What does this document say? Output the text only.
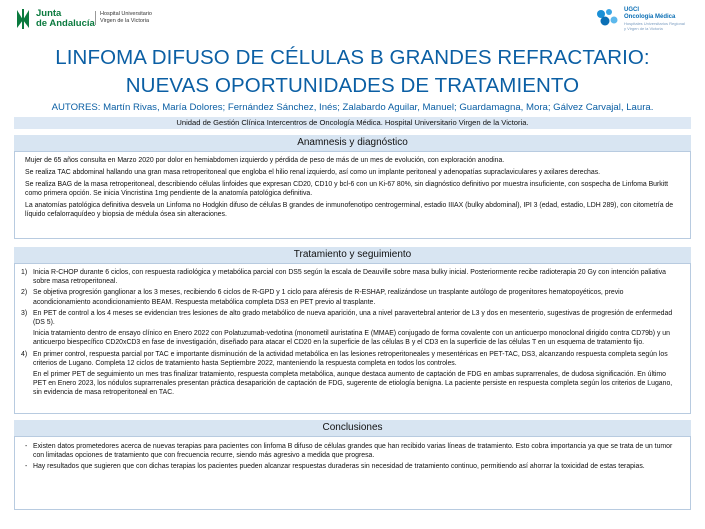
Junta
de Andalucía
Hospital Universitario
Virgen de la Victoria
UGCI
Oncología Médica
Hospitales Universitarios Regional
y Virgen de la Victoria
LINFOMA DIFUSO DE CÉLULAS B GRANDES REFRACTARIO:
NUEVAS OPORTUNIDADES DE TRATAMIENTO
AUTORES: Martín Rivas, María Dolores; Fernández Sánchez, Inés; Zalabardo Aguilar, Manuel; Guardamagna, Mora; Gálvez Carvajal, Laura.
Unidad de Gestión Clínica Intercentros de Oncología Médica. Hospital Universitario Virgen de la Victoria.
Anamnesis y diagnóstico

Mujer de 65 años consulta en Marzo 2020 por dolor en hemiabdomen izquierdo y pérdida de peso de más de un mes de evolución, con exploración anodina.

Se realiza TAC abdominal hallando una gran masa retroperitoneal que engloba el hilio renal izquierdo, así como un implante peritoneal y adenopatías supraclaviculares y axilares derechas.

Se realiza BAG de la masa retroperitoneal, describiendo células linfoides que expresan CD20, CD10 y bcl-6 con un Ki-67 80%, sin diagnóstico definitivo por muestra insuficiente, con sospecha de Linfoma Burkitt como primera opción. Se inicia Vincristina 1mg pendiente de la anatomía patológica definitiva.

La anatomías patológica definitiva desvela un Linfoma no Hodgkin difuso de células B grandes de inmunofenotipo centrogerminal, estadio IIIAX (bulky abdominal), IPI 3 (edad, estadio, LDH 289), con citometría de líquido cefalorraquídeo y biopsia de médula ósea sin alteraciones.

Tratamiento y seguimiento
1) Inicia R-CHOP durante 6 ciclos, con respuesta radiológica y metabólica parcial con DS5 según la escala de Deauville sobre masa bulky inicial. Posteriormente recibe radioterapia 20 Gy con intención paliativa sobre masa retroperitoneal.
2) Se objetiva progresión ganglionar a los 3 meses, recibiendo 6 ciclos de R-GPD y 1 ciclo para aféresis de R-ESHAP, realizándose un trasplante autólogo de progenitores hematopoyéticos, previo acondicionamiento acondicionamiento BEAM. Respuesta metabólica completa DS3 en PET previo al trasplante.
3) En PET de control a los 4 meses se evidencian tres lesiones de alto grado metabólico de nueva aparición, una a nivel paravertebral anterior de L3 y dos en mesenterio, sugestivas de progresión de enfermedad (DS 5).
Inicia tratamiento dentro de ensayo clínico en Enero 2022 con Polatuzumab-vedotina (monometil auristatina E (MMAE) conjugado de forma covalente con un anticuerpo monoclonal dirigido contra CD79b) y un anticuerpo biespecífico CD20xCD3 en fase de investigación, diseñado para atacar el CD20 en la superficie de las células B y el CD3 en la superficie de las células T en un esquema de tratamiento fijo.
4) En primer control, respuesta parcial por TAC e importante disminución de la actividad metabólica en las lesiones retroperitoneales y mesentéricas en PET-TAC, DS3, alcanzando respuesta completa según los criterios de Lugano. Completa 12 ciclos de tratamiento hasta Septiembre 2022, manteniendo la respuesta completa en todos los controles.
En el primer PET de seguimiento un mes tras finalizar tratamiento, respuesta completa metabólica, aunque destaca aumento de captación de FDG en ambas suprarrenales, de dudosa significación. En último PET en Enero 2023, los nódulos suprarrenales presentan práctica desaparición de captación de FDG, sugerente de etiología benigna. La paciente persiste en respuesta completa según los criterios de Lugano, sin evidencia de masa retroperitoneal en TAC.
Conclusiones
- Existen datos prometedores acerca de nuevas terapias para pacientes con linfoma B difuso de células grandes que han recibido varias líneas de tratamiento. Esto cobra importancia ya que se trata de un tumor con limitadas opciones de tratamiento que con frecuencia recurre, siendo más agresivo a medida que progresa.
- Hay resultados que sugieren que con dichas terapias los pacientes pueden alcanzar respuestas duraderas sin necesidad de tratamiento continuo, permitiendo así ahorrar la toxicidad de estas terapias.
